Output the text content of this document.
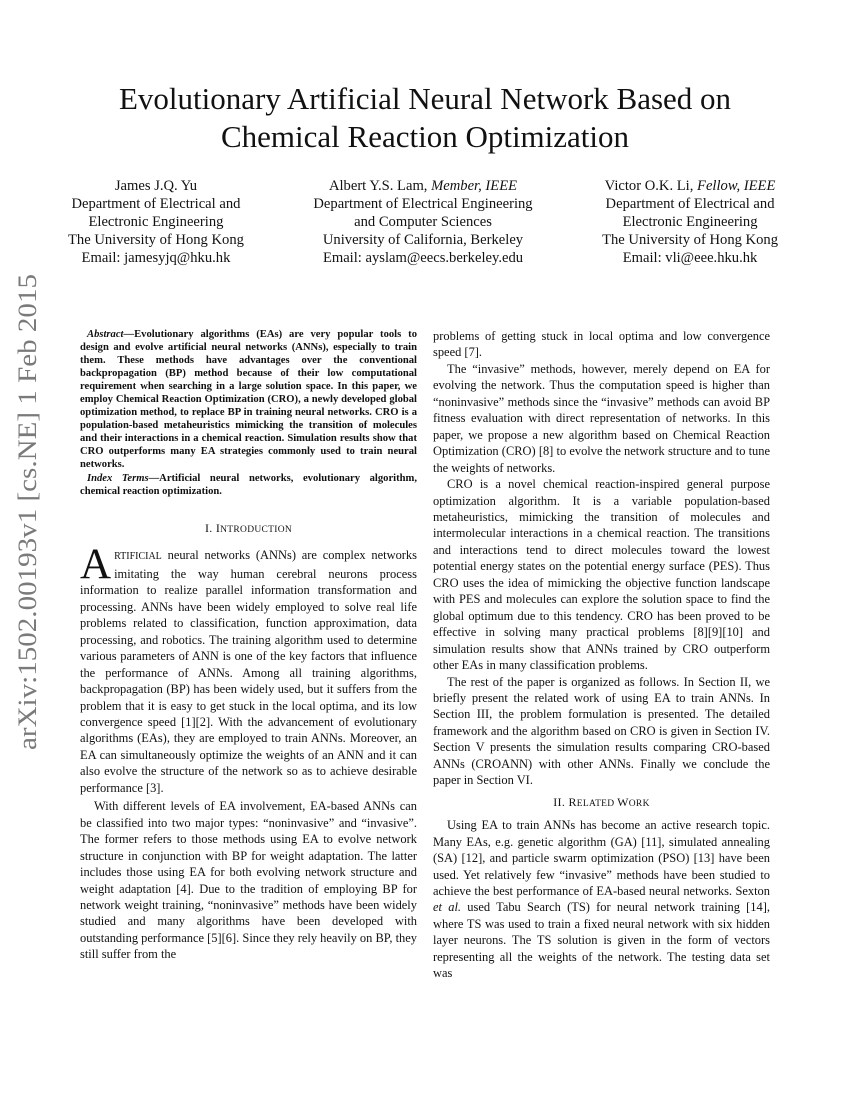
arXiv:1502.00193v1 [cs.NE] 1 Feb 2015
Evolutionary Artificial Neural Network Based on
Chemical Reaction Optimization
James J.Q. Yu
Department of Electrical and
Electronic Engineering
The University of Hong Kong
Email: jamesyjq@hku.hk
Albert Y.S. Lam, Member, IEEE
Department of Electrical Engineering
and Computer Sciences
University of California, Berkeley
Email: ayslam@eecs.berkeley.edu
Victor O.K. Li, Fellow, IEEE
Department of Electrical and
Electronic Engineering
The University of Hong Kong
Email: vli@eee.hku.hk

Abstract—Evolutionary algorithms (EAs) are very popular tools to design and evolve artificial neural networks (ANNs), especially to train them. These methods have advantages over the conventional backpropagation (BP) method because of their low computational requirement when searching in a large solution space. In this paper, we employ Chemical Reaction Optimization (CRO), a newly developed global optimization method, to replace BP in training neural networks. CRO is a population-based metaheuristics mimicking the transition of molecules and their interactions in a chemical reaction. Simulation results show that CRO outperforms many EA strategies commonly used to train neural networks.

Index Terms—Artificial neural networks, evolutionary algorithm, chemical reaction optimization.

I. INTRODUCTION

ARTIFICIAL neural networks (ANNs) are complex networks imitating the way human cerebral neurons process information to realize parallel information transformation and processing. ANNs have been widely employed to solve real life problems related to classification, function approximation, data processing, and robotics. The training algorithm used to determine various parameters of ANN is one of the key factors that influence the performance of ANNs. Among all training algorithms, backpropagation (BP) has been widely used, but it suffers from the problem that it is easy to get stuck in the local optima, and its low convergence speed [1][2]. With the advancement of evolutionary algorithms (EAs), they are employed to train ANNs. Moreover, an EA can simultaneously optimize the weights of an ANN and it can also evolve the structure of the network so as to achieve desirable performance [3].

With different levels of EA involvement, EA-based ANNs can be classified into two major types: “noninvasive” and “invasive”. The former refers to those methods using EA to evolve network structure in conjunction with BP for weight adaptation. The latter includes those using EA for both evolving network structure and weight adaptation [4]. Due to the tradition of employing BP for network weight training, “noninvasive” methods have been widely studied and many algorithms have been developed with outstanding performance [5][6]. Since they rely heavily on BP, they still suffer from the

problems of getting stuck in local optima and low convergence speed [7].

The “invasive” methods, however, merely depend on EA for evolving the network. Thus the computation speed is higher than “noninvasive” methods since the “invasive” methods can avoid BP fitness evaluation with direct representation of networks. In this paper, we propose a new algorithm based on Chemical Reaction Optimization (CRO) [8] to evolve the network structure and to tune the weights of networks.

CRO is a novel chemical reaction-inspired general purpose optimization algorithm. It is a variable population-based metaheuristics, mimicking the transition of molecules and intermolecular interactions in a chemical reaction. The transitions and interactions tend to direct molecules toward the lowest potential energy states on the potential energy surface (PES). Thus CRO uses the idea of mimicking the objective function landscape with PES and molecules can explore the solution space to find the global optimum due to this tendency. CRO has been proved to be effective in solving many practical problems [8][9][10] and simulation results show that ANNs trained by CRO outperform other EAs in many classification problems.

The rest of the paper is organized as follows. In Section II, we briefly present the related work of using EA to train ANNs. In Section III, the problem formulation is presented. The detailed framework and the algorithm based on CRO is given in Section IV. Section V presents the simulation results comparing CRO-based ANNs (CROANN) with other ANNs. Finally we conclude the paper in Section VI.

II. RELATED WORK

Using EA to train ANNs has become an active research topic. Many EAs, e.g. genetic algorithm (GA) [11], simulated annealing (SA) [12], and particle swarm optimization (PSO) [13] have been used. Yet relatively few “invasive” methods have been studied to achieve the best performance of EA-based neural networks. Sexton et al. used Tabu Search (TS) for neural network training [14], where TS was used to train a fixed neural network with six hidden layer neurons. The TS solution is given in the form of vectors representing all the weights of the network. The testing data set was
